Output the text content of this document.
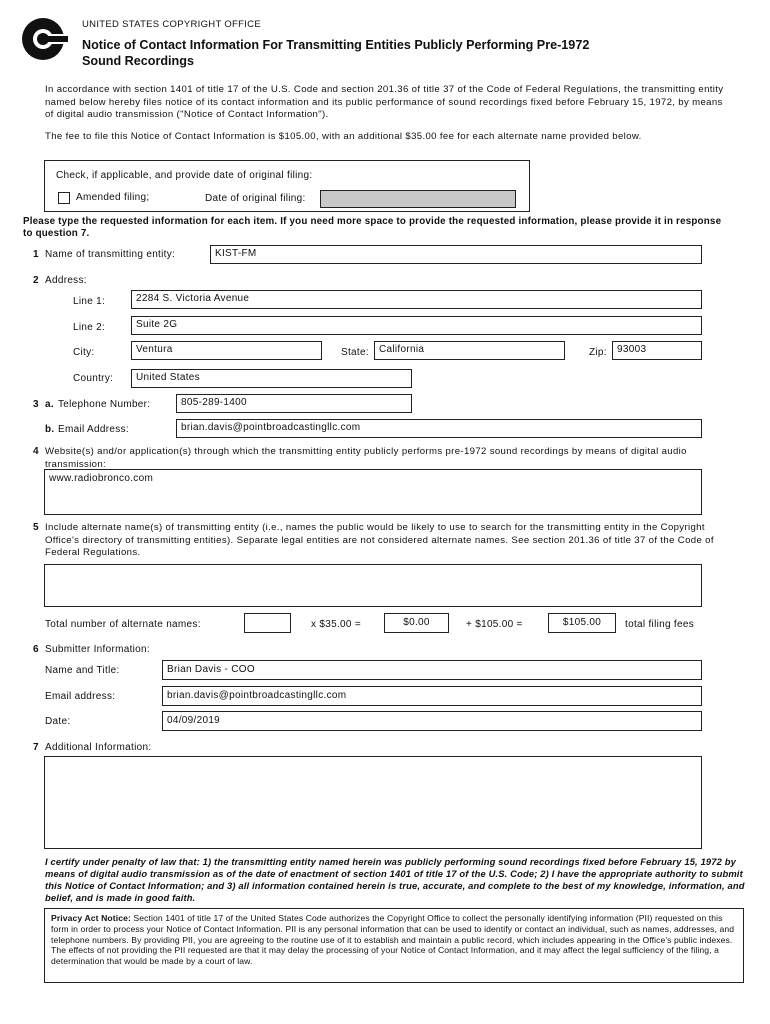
UNITED STATES COPYRIGHT OFFICE
Notice of Contact Information For Transmitting Entities Publicly Performing Pre-1972
Sound Recordings
In accordance with section 1401 of title 17 of the U.S. Code and section 201.36 of title 37 of the Code of Federal Regulations, the transmitting entity named below hereby files notice of its contact information and its public performance of sound recordings fixed before February 15, 1972, by means of digital audio transmission ("Notice of Contact Information").
The fee to file this Notice of Contact Information is $105.00, with an additional $35.00 fee for each alternate name provided below.
Check, if applicable, and provide date of original filing:
Amended filing;	Date of original filing:
Please type the requested information for each item. If you need more space to provide the requested information, please provide it in response to question 7.
1 Name of transmitting entity:	KIST-FM
2 Address:
Line 1:	2284 S. Victoria Avenue
Line 2:	Suite 2G
City:	Ventura	State:	California	Zip:	93003
Country:	United States
3 a. Telephone Number:	805-289-1400
b. Email Address:	brian.davis@pointbroadcastingllc.com
4 Website(s) and/or application(s) through which the transmitting entity publicly performs pre-1972 sound recordings by means of digital audio transmission:
www.radiobronco.com
5 Include alternate name(s) of transmitting entity (i.e., names the public would be likely to use to search for the transmitting entity in the Copyright Office's directory of transmitting entities). Separate legal entities are not considered alternate names. See section 201.36 of title 37 of the Code of Federal Regulations.
Total number of alternate names:	x $35.00 =	$0.00	+ $105.00 =	$105.00	total filing fees
6 Submitter Information:
Name and Title:	Brian Davis - COO
Email address:	brian.davis@pointbroadcastingllc.com
Date:	04/09/2019
7 Additional Information:
I certify under penalty of law that: 1) the transmitting entity named herein was publicly performing sound recordings fixed before February 15, 1972 by means of digital audio transmission as of the date of enactment of section 1401 of title 17 of the U.S. Code; 2) I have the appropriate authority to submit this Notice of Contact Information; and 3) all information contained herein is true, accurate, and complete to the best of my knowledge, information, and belief, and is made in good faith.
Privacy Act Notice: Section 1401 of title 17 of the United States Code authorizes the Copyright Office to collect the personally identifying information (PII) requested on this form in order to process your Notice of Contact Information. PII is any personal information that can be used to identify or contact an individual, such as names, addresses, and telephone numbers. By providing PII, you are agreeing to the routine use of it to establish and maintain a public record, which includes appearing in the Office's public indexes. The effects of not providing the PII requested are that it may delay the processing of your Notice of Contact Information, and it may affect the legal sufficiency of the filing, a determination that would be made by a court of law.
